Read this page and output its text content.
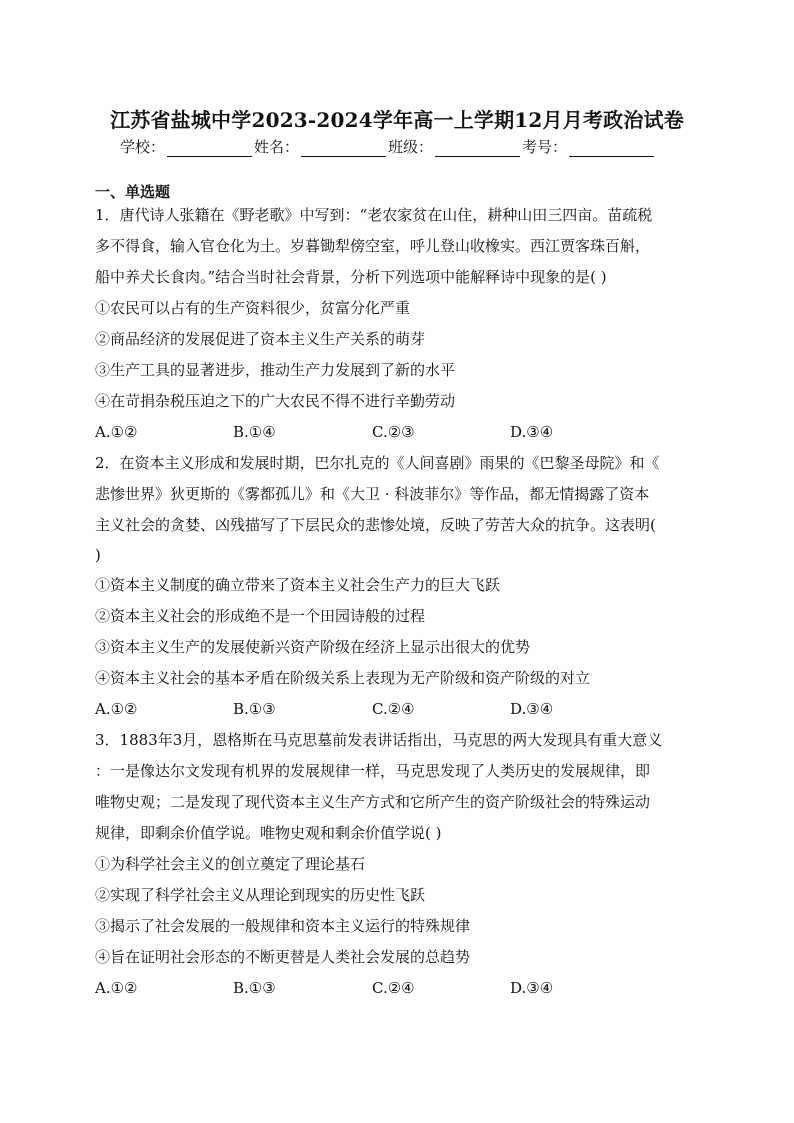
江苏省盐城中学2023-2024学年高一上学期12月月考政治试卷
学校：	姓名：	班级：	考号：
一、单选题
1．唐代诗人张籍在《野老歌》中写到：“老农家贫在山住，耕种山田三四亩。苗疏税
多不得食，输入官仓化为土。岁暮锄犁傍空室，呼儿登山收橡实。西江贾客珠百斛，
船中养犬长食肉。”结合当时社会背景，分析下列选项中能解释诗中现象的是( )
①农民可以占有的生产资料很少，贫富分化严重
②商品经济的发展促进了资本主义生产关系的萌芽
③生产工具的显著进步，推动生产力发展到了新的水平
④在苛捐杂税压迫之下的广大农民不得不进行辛勤劳动
A.①②	B.①④	C.②③	D.③④
2．在资本主义形成和发展时期，巴尔扎克的《人间喜剧》雨果的《巴黎圣母院》和《
悲惨世界》狄更斯的《雾都孤儿》和《大卫 · 科波菲尔》等作品，都无情揭露了资本
主义社会的贪婪、凶残描写了下层民众的悲惨处境，反映了劳苦大众的抗争。这表明(
)
①资本主义制度的确立带来了资本主义社会生产力的巨大飞跃
②资本主义社会的形成绝不是一个田园诗般的过程
③资本主义生产的发展使新兴资产阶级在经济上显示出很大的优势
④资本主义社会的基本矛盾在阶级关系上表现为无产阶级和资产阶级的对立
A.①②	B.①③	C.②④	D.③④
3．1883年3月，恩格斯在马克思墓前发表讲话指出，马克思的两大发现具有重大意义
：一是像达尔文发现有机界的发展规律一样，马克思发现了人类历史的发展规律，即
唯物史观；二是发现了现代资本主义生产方式和它所产生的资产阶级社会的特殊运动
规律，即剩余价值学说。唯物史观和剩余价值学说( )
①为科学社会主义的创立奠定了理论基石
②实现了科学社会主义从理论到现实的历史性飞跃
③揭示了社会发展的一般规律和资本主义运行的特殊规律
④旨在证明社会形态的不断更替是人类社会发展的总趋势
A.①②	B.①③	C.②④	D.③④
